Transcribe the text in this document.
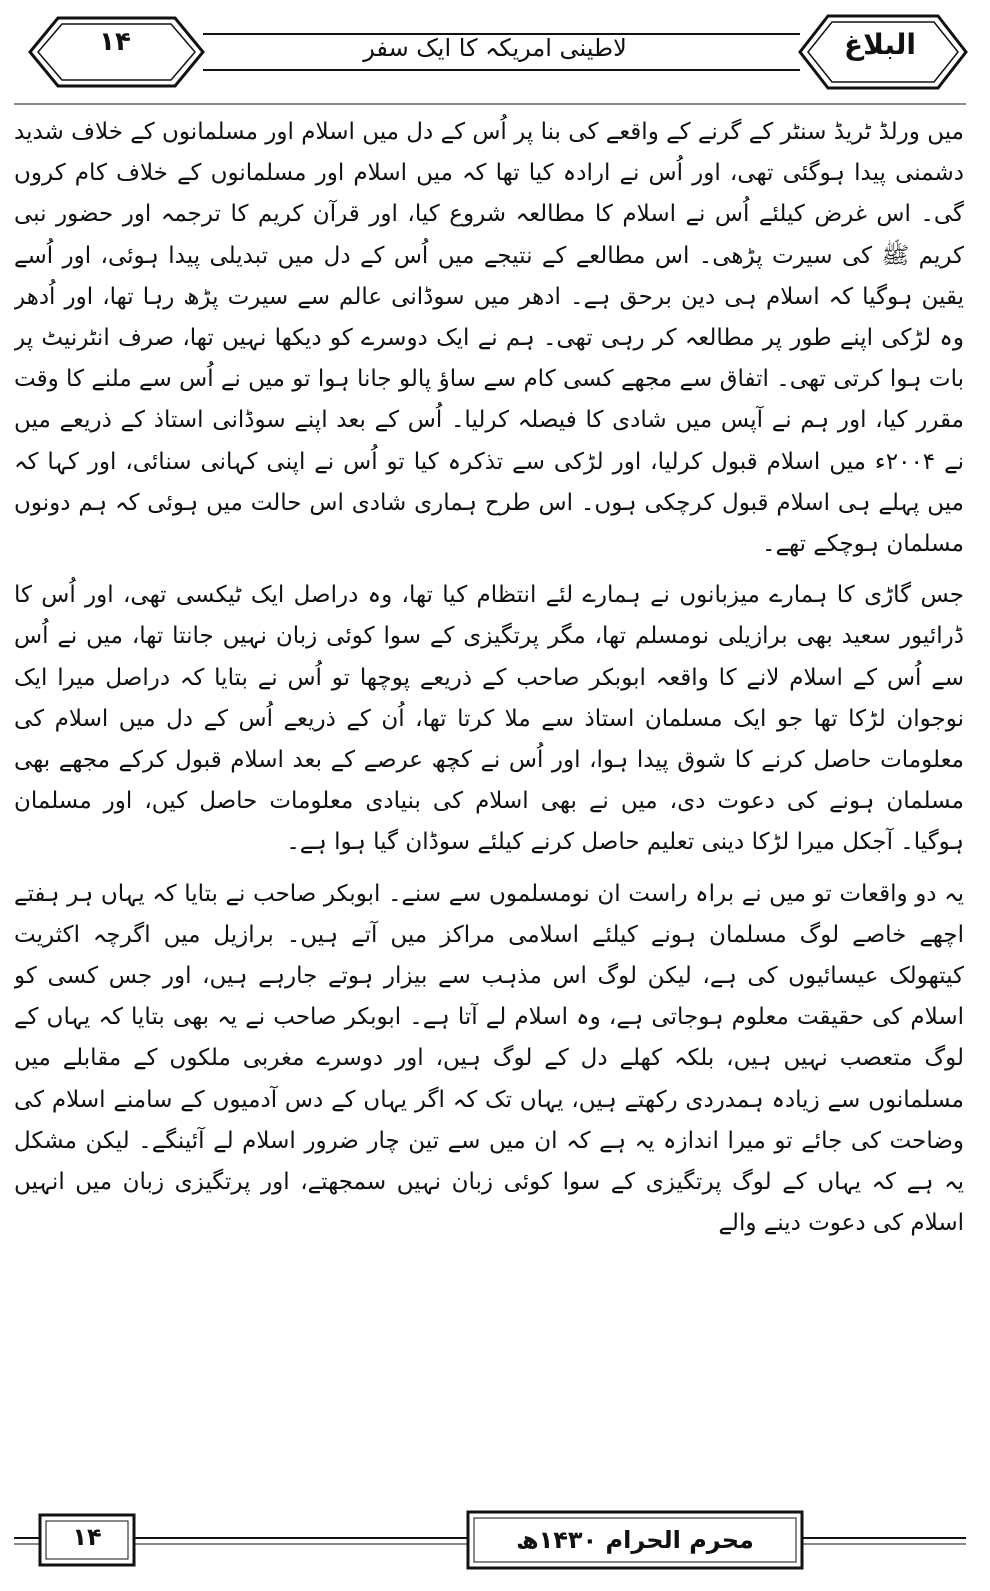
۱۴	لاطینی امریکہ کا ایک سفر	البلاغ

میں ورلڈ ٹریڈ سنٹر کے گرنے کے واقعے کی بنا پر اُس کے دل میں اسلام اور مسلمانوں کے خلاف شدید دشمنی پیدا ہوگئی تھی، اور اُس نے ارادہ کیا تھا کہ میں اسلام اور مسلمانوں کے خلاف کام کروں گی۔ اس غرض کیلئے اُس نے اسلام کا مطالعہ شروع کیا، اور قرآن کریم کا ترجمہ اور حضور نبی کریم ﷺ کی سیرت پڑھی۔ اس مطالعے کے نتیجے میں اُس کے دل میں تبدیلی پیدا ہوئی، اور اُسے یقین ہوگیا کہ اسلام ہی دین برحق ہے۔ ادھر میں سوڈانی عالم سے سیرت پڑھ رہا تھا، اور اُدھر وہ لڑکی اپنے طور پر مطالعہ کر رہی تھی۔ ہم نے ایک دوسرے کو دیکھا نہیں تھا، صرف انٹرنیٹ پر بات ہوا کرتی تھی۔ اتفاق سے مجھے کسی کام سے ساؤ پالو جانا ہوا تو میں نے اُس سے ملنے کا وقت مقرر کیا، اور ہم نے آپس میں شادی کا فیصلہ کرلیا۔ اُس کے بعد اپنے سوڈانی استاذ کے ذریعے میں نے ۲۰۰۴ء میں اسلام قبول کرلیا، اور لڑکی سے تذکرہ کیا تو اُس نے اپنی کہانی سنائی، اور کہا کہ میں پہلے ہی اسلام قبول کرچکی ہوں۔ اس طرح ہماری شادی اس حالت میں ہوئی کہ ہم دونوں مسلمان ہوچکے تھے۔

جس گاڑی کا ہمارے میزبانوں نے ہمارے لئے انتظام کیا تھا، وہ دراصل ایک ٹیکسی تھی، اور اُس کا ڈرائیور سعید بھی برازیلی نومسلم تھا، مگر پرتگیزی کے سوا کوئی زبان نہیں جانتا تھا، میں نے اُس سے اُس کے اسلام لانے کا واقعہ ابوبکر صاحب کے ذریعے پوچھا تو اُس نے بتایا کہ دراصل میرا ایک نوجوان لڑکا تھا جو ایک مسلمان استاذ سے ملا کرتا تھا، اُن کے ذریعے اُس کے دل میں اسلام کی معلومات حاصل کرنے کا شوق پیدا ہوا، اور اُس نے کچھ عرصے کے بعد اسلام قبول کرکے مجھے بھی مسلمان ہونے کی دعوت دی، میں نے بھی اسلام کی بنیادی معلومات حاصل کیں، اور مسلمان ہوگیا۔ آجکل میرا لڑکا دینی تعلیم حاصل کرنے کیلئے سوڈان گیا ہوا ہے۔

یہ دو واقعات تو میں نے براہ راست ان نومسلموں سے سنے۔ ابوبکر صاحب نے بتایا کہ یہاں ہر ہفتے اچھے خاصے لوگ مسلمان ہونے کیلئے اسلامی مراکز میں آتے ہیں۔ برازیل میں اگرچہ اکثریت کیتھولک عیسائیوں کی ہے، لیکن لوگ اس مذہب سے بیزار ہوتے جارہے ہیں، اور جس کسی کو اسلام کی حقیقت معلوم ہوجاتی ہے، وہ اسلام لے آتا ہے۔ ابوبکر صاحب نے یہ بھی بتایا کہ یہاں کے لوگ متعصب نہیں ہیں، بلکہ کھلے دل کے لوگ ہیں، اور دوسرے مغربی ملکوں کے مقابلے میں مسلمانوں سے زیادہ ہمدردی رکھتے ہیں، یہاں تک کہ اگر یہاں کے دس آدمیوں کے سامنے اسلام کی وضاحت کی جائے تو میرا اندازہ یہ ہے کہ ان میں سے تین چار ضرور اسلام لے آئینگے۔ لیکن مشکل یہ ہے کہ یہاں کے لوگ پرتگیزی کے سوا کوئی زبان نہیں سمجھتے، اور پرتگیزی زبان میں انہیں اسلام کی دعوت دینے والے

۱۴	محرم الحرام ۱۴۳۰ھ
